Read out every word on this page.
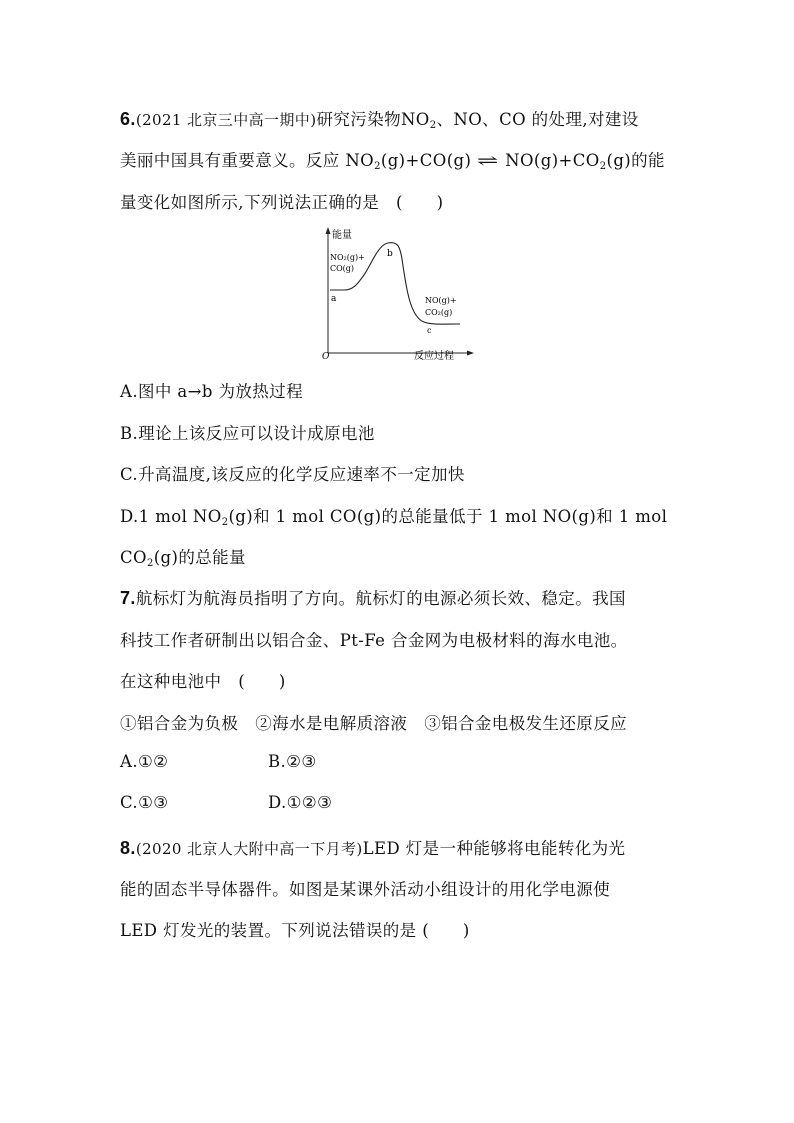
6.(2021 北京三中高一期中)研究污染物$NO_2$、NO、CO 的处理,对建设
美丽中国具有重要意义。反应 $NO_2(g)+CO(g)$ ⇌ $NO(g)+CO_2(g)$的能
量变化如图所示,下列说法正确的是　(　　)
能量
反应过程
O
NO₂(g)+
CO(g)
a
b
NO(g)+
CO₂(g)
c
A.图中 a→b 为放热过程
B.理论上该反应可以设计成原电池
C.升高温度,该反应的化学反应速率不一定加快
D.1 mol $NO_2(g)$和 1 mol CO(g)的总能量低于 1 mol NO(g)和 1 mol
$CO_2(g)$的总能量
7.航标灯为航海员指明了方向。航标灯的电源必须长效、稳定。我国
科技工作者研制出以铝合金、Pt-Fe 合金网为电极材料的海水电池。
在这种电池中　(　　)
①铝合金为负极　②海水是电解质溶液　③铝合金电极发生还原反应
A.①②	B.②③
C.①③	D.①②③
8.(2020 北京人大附中高一下月考)LED 灯是一种能够将电能转化为光
能的固态半导体器件。如图是某课外活动小组设计的用化学电源使
LED 灯发光的装置。下列说法错误的是 (　　)
